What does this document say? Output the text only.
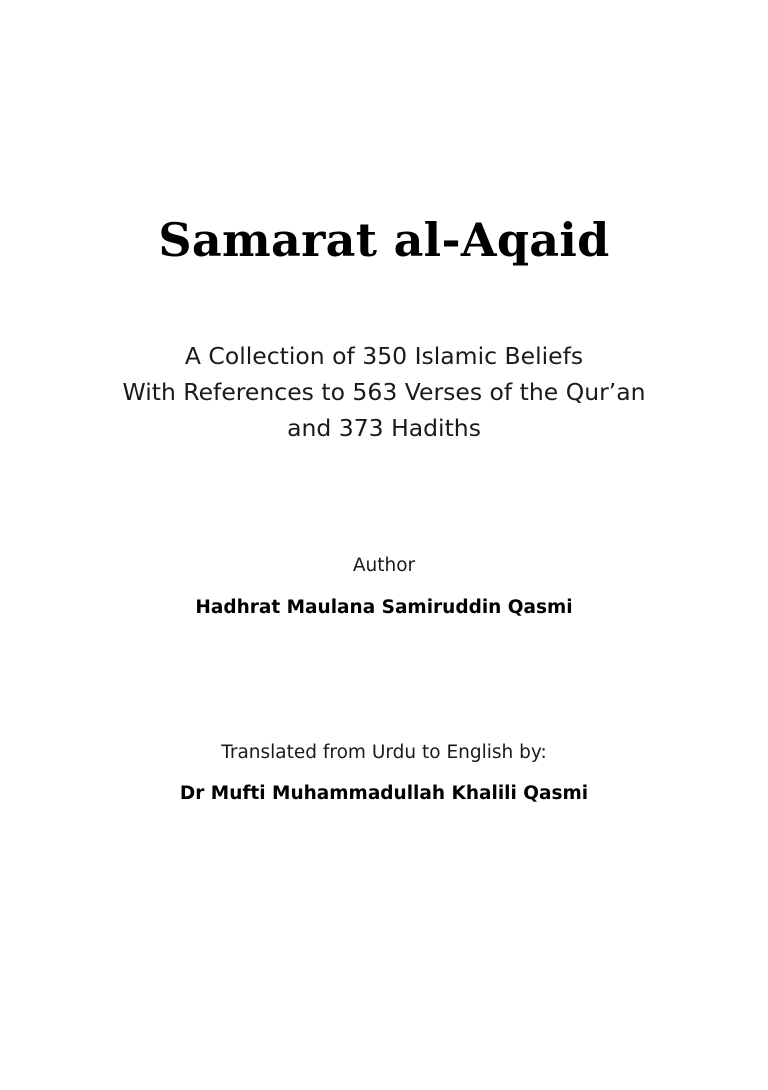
Samarat al-Aqaid
A Collection of 350 Islamic Beliefs
With References to 563 Verses of the Qur’an
and 373 Hadiths
Author
Hadhrat Maulana Samiruddin Qasmi
Translated from Urdu to English by:
Dr Mufti Muhammadullah Khalili Qasmi
